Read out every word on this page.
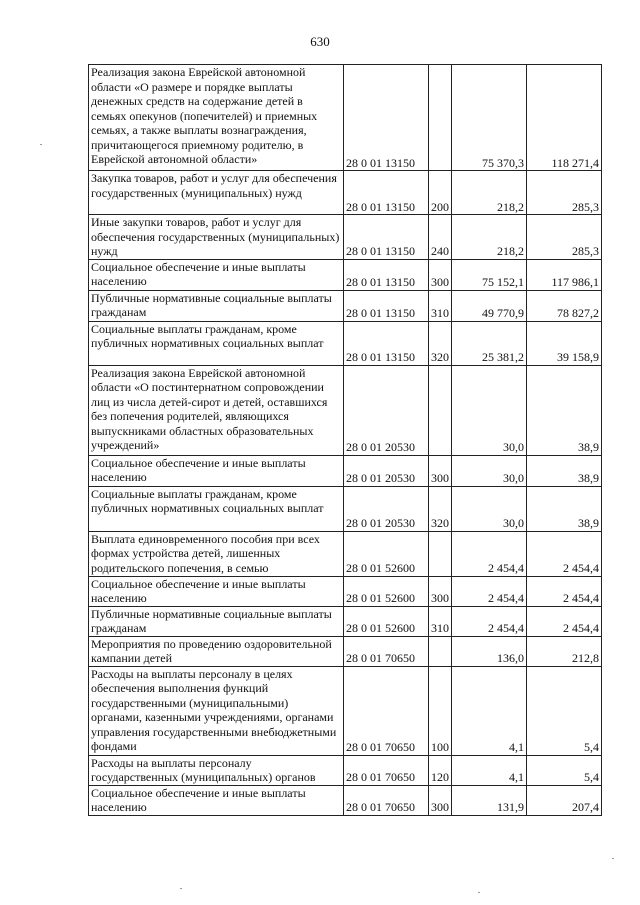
630
Реализация закона Еврейской автономной области «О размере и порядке выплаты денежных средств на содержание детей в семьях опекунов (попечителей) и приемных семьях, а также выплаты вознаграждения, причитающегося приемному родителю, в Еврейской автономной области»	28 0 01 13150		75 370,3	118 271,4

Закупка товаров, работ и услуг для обеспечения государственных (муниципальных) нужд	28 0 01 13150	200	218,2	285,3

Иные закупки товаров, работ и услуг для обеспечения государственных (муниципальных) нужд	28 0 01 13150	240	218,2	285,3

Социальное обеспечение и иные выплаты населению	28 0 01 13150	300	75 152,1	117 986,1

Публичные нормативные социальные выплаты гражданам	28 0 01 13150	310	49 770,9	78 827,2

Социальные выплаты гражданам, кроме публичных нормативных социальных выплат	28 0 01 13150	320	25 381,2	39 158,9

Реализация закона Еврейской автономной области «О постинтернатном сопровождении лиц из числа детей-сирот и детей, оставшихся без попечения родителей, являющихся выпускниками областных образовательных учреждений»	28 0 01 20530		30,0	38,9

Социальное обеспечение и иные выплаты населению	28 0 01 20530	300	30,0	38,9

Социальные выплаты гражданам, кроме публичных нормативных социальных выплат	28 0 01 20530	320	30,0	38,9

Выплата единовременного пособия при всех формах устройства детей, лишенных родительского попечения, в семью	28 0 01 52600		2 454,4	2 454,4

Социальное обеспечение и иные выплаты населению	28 0 01 52600	300	2 454,4	2 454,4

Публичные нормативные социальные выплаты гражданам	28 0 01 52600	310	2 454,4	2 454,4

Мероприятия по проведению оздоровительной кампании детей	28 0 01 70650		136,0	212,8

Расходы на выплаты персоналу в целях обеспечения выполнения функций государственными (муниципальными) органами, казенными учреждениями, органами управления государственными внебюджетными фондами	28 0 01 70650	100	4,1	5,4

Расходы на выплаты персоналу государственных (муниципальных) органов	28 0 01 70650	120	4,1	5,4

Социальное обеспечение и иные выплаты населению	28 0 01 70650	300	131,9	207,4
